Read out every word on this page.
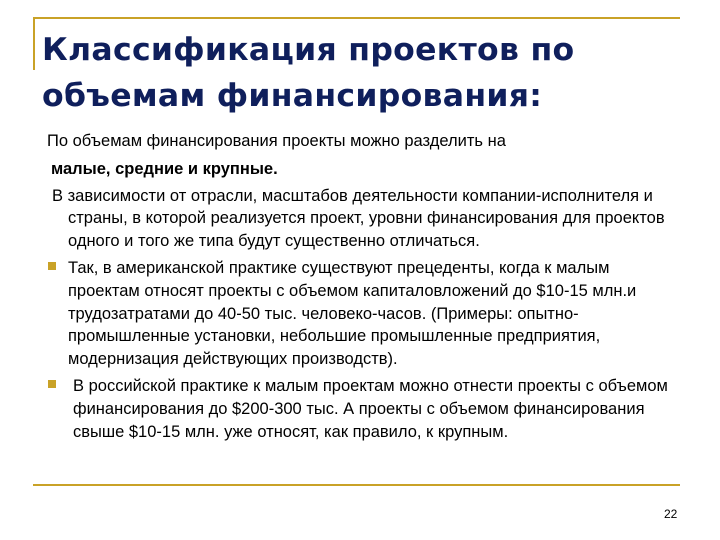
Классификация проектов по объемам финансирования:

По объемам финансирования проекты можно разделить на

малые, средние и крупные.

В зависимости от отрасли, масштабов деятельности компании-исполнителя и страны, в которой реализуется проект, уровни финансирования для проектов одного и того же типа будут существенно отличаться.

Так, в американской практике существуют прецеденты, когда к малым проектам относят проекты с объемом капиталовложений до $10-15 млн.и трудозатратами до 40-50 тыс. человеко-часов. (Примеры: опытно-промышленные установки, небольшие промышленные предприятия, модернизация действующих производств).
В российской практике к малым проектам можно отнести проекты с объемом финансирования до $200-300 тыс. А проекты с объемом финансирования свыше $10-15 млн. уже относят, как правило, к крупным.
22
